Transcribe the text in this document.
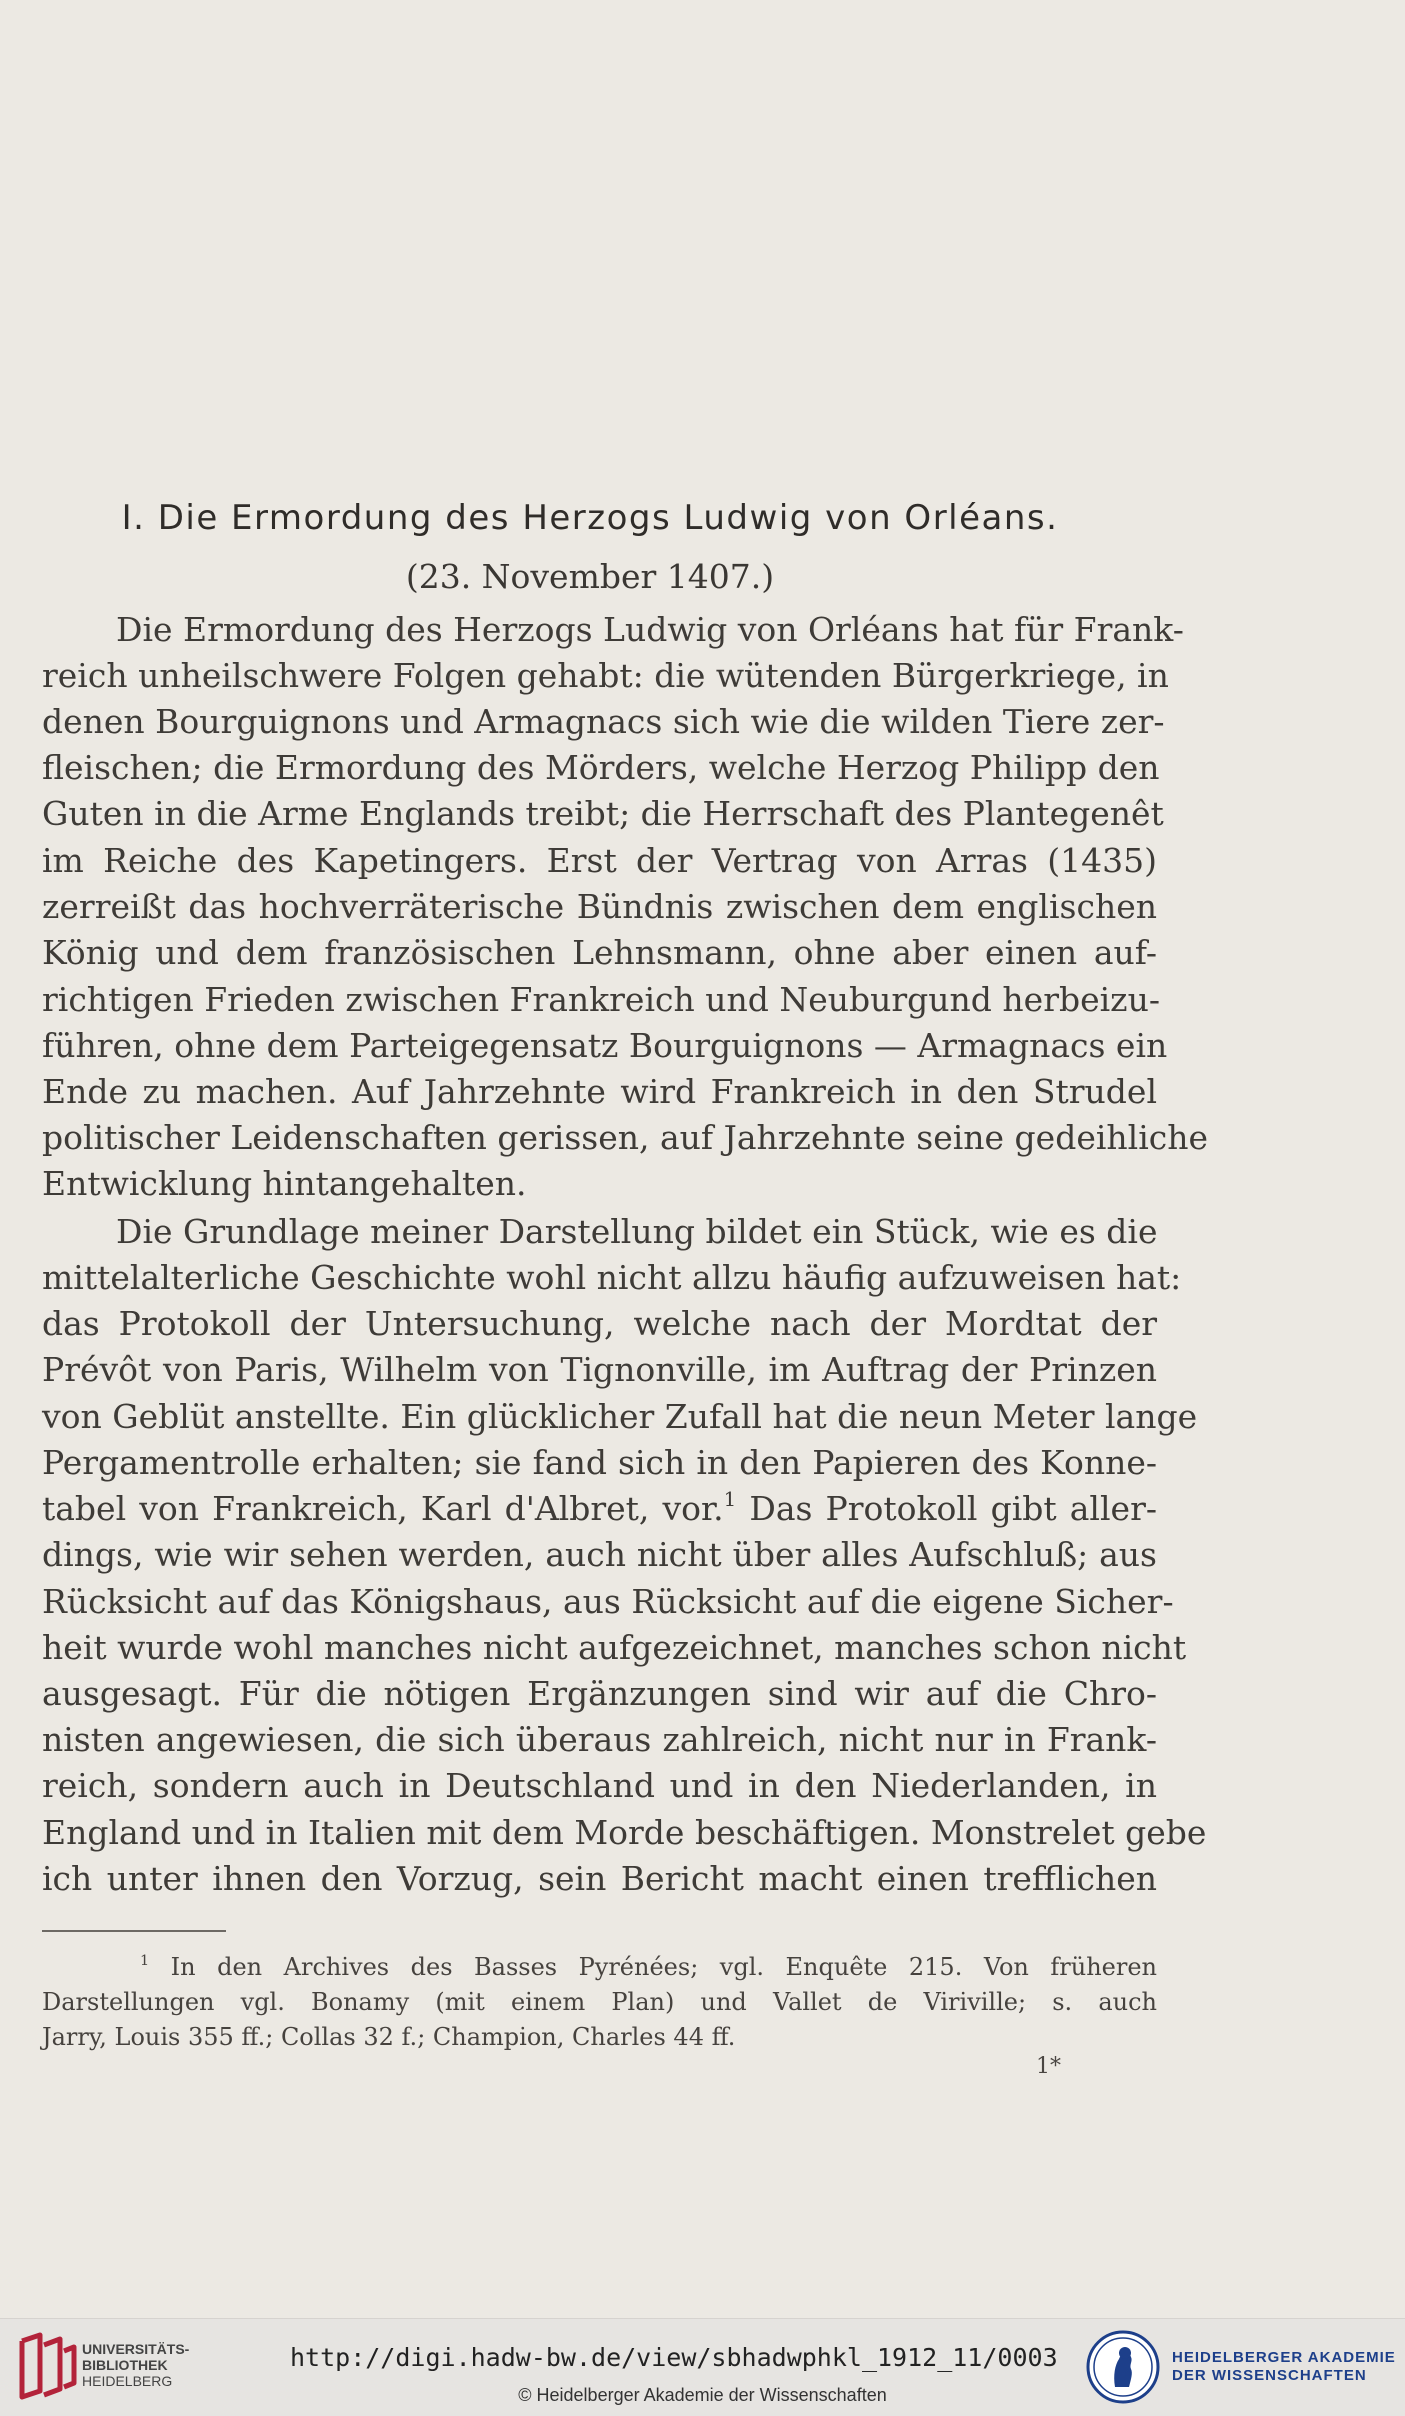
I. Die Ermordung des Herzogs Ludwig von Orléans.
(23. November 1407.)
Die Ermordung des Herzogs Ludwig von Orléans hat für Frank-
reich unheilschwere Folgen gehabt: die wütenden Bürgerkriege, in
denen Bourguignons und Armagnacs sich wie die wilden Tiere zer-
fleischen; die Ermordung des Mörders, welche Herzog Philipp den
Guten in die Arme Englands treibt; die Herrschaft des Plantegenêt
im Reiche des Kapetingers. Erst der Vertrag von Arras (1435)
zerreißt das hochverräterische Bündnis zwischen dem englischen
König und dem französischen Lehnsmann, ohne aber einen auf-
richtigen Frieden zwischen Frankreich und Neuburgund herbeizu-
führen, ohne dem Parteigegensatz Bourguignons — Armagnacs ein
Ende zu machen. Auf Jahrzehnte wird Frankreich in den Strudel
politischer Leidenschaften gerissen, auf Jahrzehnte seine gedeihliche
Entwicklung hintangehalten.
Die Grundlage meiner Darstellung bildet ein Stück, wie es die
mittelalterliche Geschichte wohl nicht allzu häufig aufzuweisen hat:
das Protokoll der Untersuchung, welche nach der Mordtat der
Prévôt von Paris, Wilhelm von Tignonville, im Auftrag der Prinzen
von Geblüt anstellte. Ein glücklicher Zufall hat die neun Meter lange
Pergamentrolle erhalten; sie fand sich in den Papieren des Konne-
tabel von Frankreich, Karl d'Albret, vor.$^1$ Das Protokoll gibt aller-
dings, wie wir sehen werden, auch nicht über alles Aufschluß; aus
Rücksicht auf das Königshaus, aus Rücksicht auf die eigene Sicher-
heit wurde wohl manches nicht aufgezeichnet, manches schon nicht
ausgesagt. Für die nötigen Ergänzungen sind wir auf die Chro-
nisten angewiesen, die sich überaus zahlreich, nicht nur in Frank-
reich, sondern auch in Deutschland und in den Niederlanden, in
England und in Italien mit dem Morde beschäftigen. Monstrelet gebe
ich unter ihnen den Vorzug, sein Bericht macht einen trefflichen
$^1$ In den Archives des Basses Pyrénées; vgl. Enquête 215. Von früheren
Darstellungen vgl. Bonamy (mit einem Plan) und Vallet de Viriville; s. auch
Jarry, Louis 355 ff.; Collas 32 f.; Champion, Charles 44 ff.
1*
UNIVERSITÄTS-
BIBLIOTHEK
HEIDELBERG
http://digi.hadw-bw.de/view/sbhadwphkl_1912_11/0003
© Heidelberger Akademie der Wissenschaften
HEIDELBERGER AKADEMIE
DER WISSENSCHAFTEN
